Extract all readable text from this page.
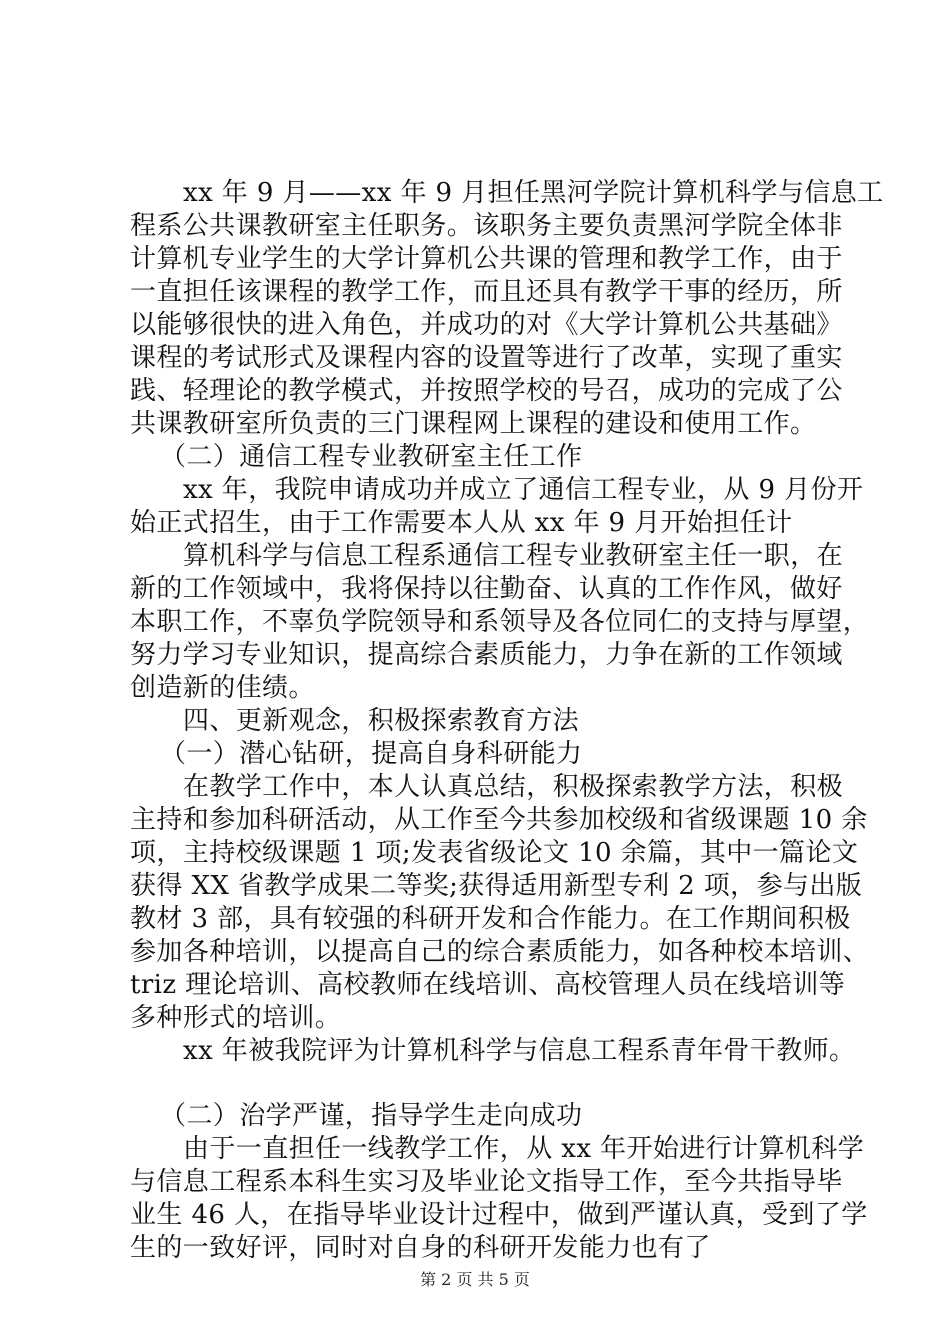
xx 年 9 月——xx 年 9 月担任黑河学院计算机科学与信息工
程系公共课教研室主任职务。该职务主要负责黑河学院全体非
计算机专业学生的大学计算机公共课的管理和教学工作，由于
一直担任该课程的教学工作，而且还具有教学干事的经历，所
以能够很快的进入角色，并成功的对《大学计算机公共基础》
课程的考试形式及课程内容的设置等进行了改革，实现了重实
践、轻理论的教学模式，并按照学校的号召，成功的完成了公
共课教研室所负责的三门课程网上课程的建设和使用工作。
（二）通信工程专业教研室主任工作
xx 年，我院申请成功并成立了通信工程专业，从 9 月份开
始正式招生，由于工作需要本人从 xx 年 9 月开始担任计
算机科学与信息工程系通信工程专业教研室主任一职，在
新的工作领域中，我将保持以往勤奋、认真的工作作风，做好
本职工作，不辜负学院领导和系领导及各位同仁的支持与厚望，
努力学习专业知识，提高综合素质能力，力争在新的工作领域
创造新的佳绩。
四、更新观念，积极探索教育方法
（一）潜心钻研，提高自身科研能力
在教学工作中，本人认真总结，积极探索教学方法，积极
主持和参加科研活动，从工作至今共参加校级和省级课题 10 余
项，主持校级课题 1 项;发表省级论文 10 余篇，其中一篇论文
获得 XX 省教学成果二等奖;获得适用新型专利 2 项，参与出版
教材 3 部，具有较强的科研开发和合作能力。在工作期间积极
参加各种培训，以提高自己的综合素质能力，如各种校本培训、
triz 理论培训、高校教师在线培训、高校管理人员在线培训等
多种形式的培训。
xx 年被我院评为计算机科学与信息工程系青年骨干教师。
（二）治学严谨，指导学生走向成功
由于一直担任一线教学工作，从 xx 年开始进行计算机科学
与信息工程系本科生实习及毕业论文指导工作，至今共指导毕
业生 46 人，在指导毕业设计过程中，做到严谨认真，受到了学
生的一致好评，同时对自身的科研开发能力也有了
第 2 页 共 5 页
